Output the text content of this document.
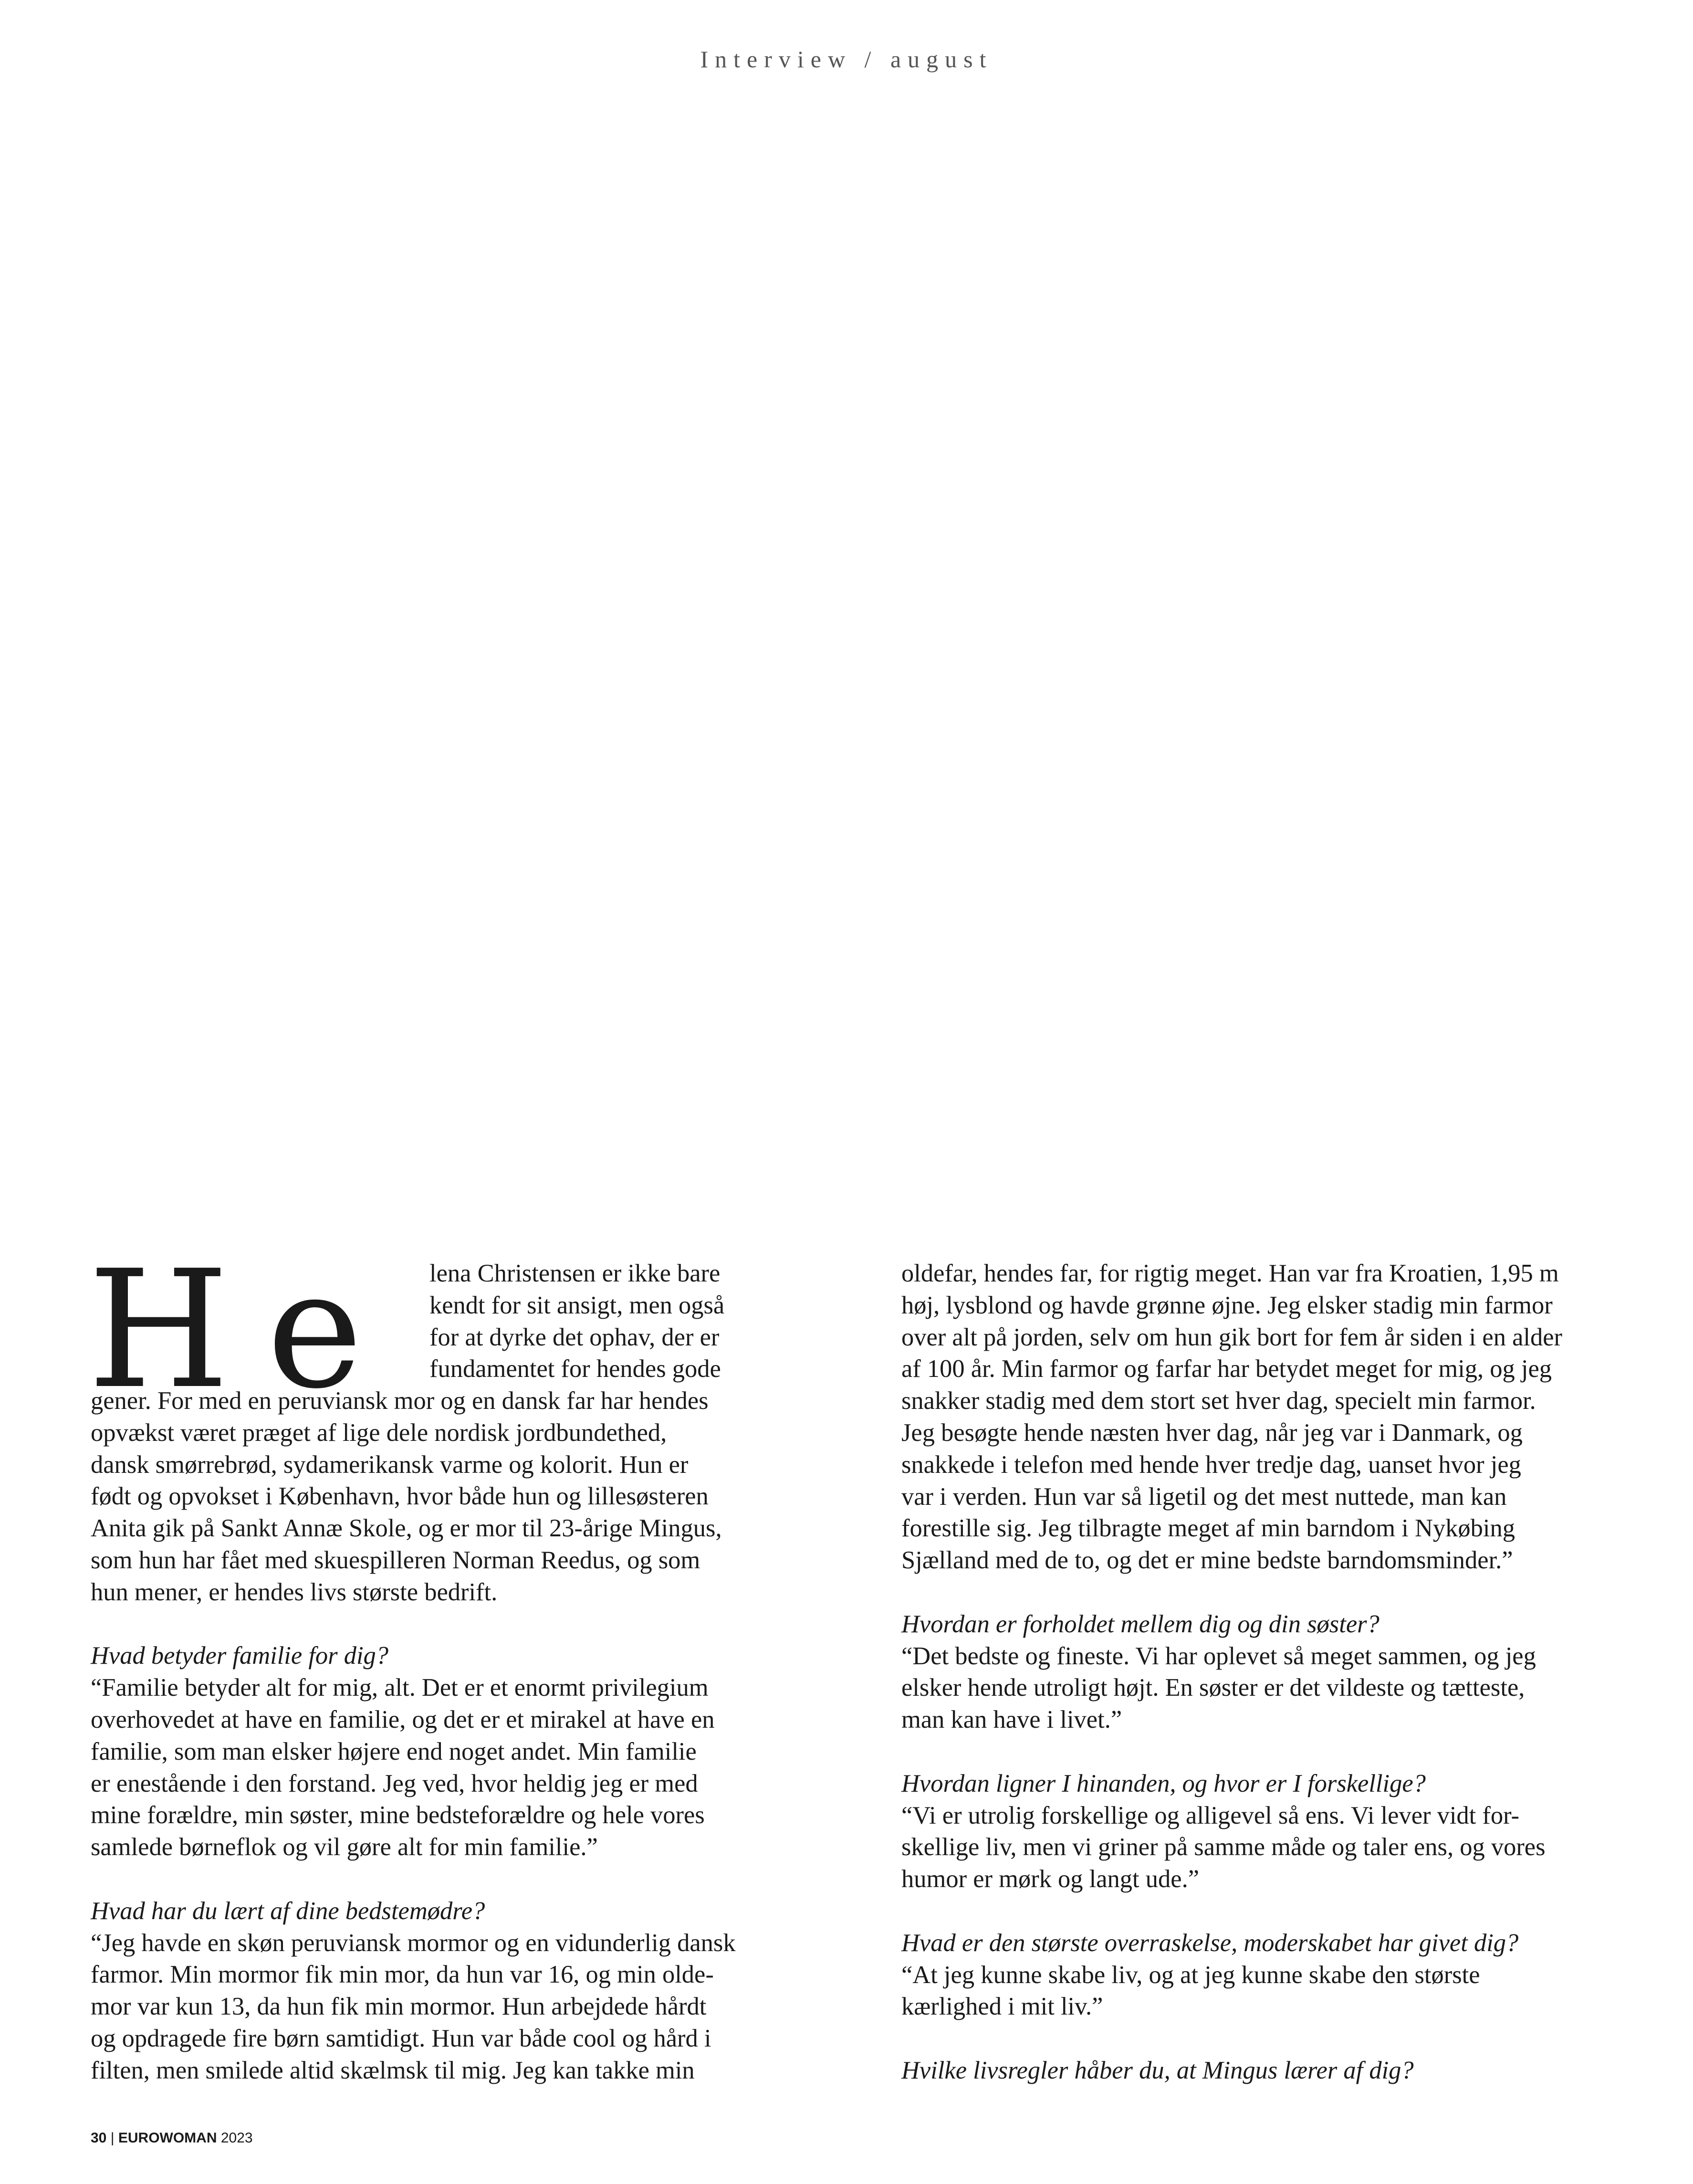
Interview / august
H e	lena Christensen er ikke bare

kendt for sit ansigt, men også

for at dyrke det ophav, der er

fundamentet for hendes gode

gener. For med en peruviansk mor og en dansk far har hendes

opvækst været præget af lige dele nordisk jordbundethed,

dansk smørrebrød, sydamerikansk varme og kolorit. Hun er

født og opvokset i København, hvor både hun og lillesøsteren

Anita gik på Sankt Annæ Skole, og er mor til 23-årige Mingus,

som hun har fået med skuespilleren Norman Reedus, og som

hun mener, er hendes livs største bedrift.

Hvad betyder familie for dig?

“Familie betyder alt for mig, alt. Det er et enormt privilegium

overhovedet at have en familie, og det er et mirakel at have en

familie, som man elsker højere end noget andet. Min familie

er enestående i den forstand. Jeg ved, hvor heldig jeg er med

mine forældre, min søster, mine bedsteforældre og hele vores

samlede børneflok og vil gøre alt for min familie.”

Hvad har du lært af dine bedstemødre?

“Jeg havde en skøn peruviansk mormor og en vidunderlig dansk

farmor. Min mormor fik min mor, da hun var 16, og min olde-

mor var kun 13, da hun fik min mormor. Hun arbejdede hårdt

og opdragede fire børn samtidigt. Hun var både cool og hård i

filten, men smilede altid skælmsk til mig. Jeg kan takke min

oldefar, hendes far, for rigtig meget. Han var fra Kroatien, 1,95 m

høj, lysblond og havde grønne øjne. Jeg elsker stadig min farmor

over alt på jorden, selv om hun gik bort for fem år siden i en alder

af 100 år. Min farmor og farfar har betydet meget for mig, og jeg

snakker stadig med dem stort set hver dag, specielt min farmor.

Jeg besøgte hende næsten hver dag, når jeg var i Danmark, og

snakkede i telefon med hende hver tredje dag, uanset hvor jeg

var i verden. Hun var så ligetil og det mest nuttede, man kan

forestille sig. Jeg tilbragte meget af min barndom i Nykøbing

Sjælland med de to, og det er mine bedste barndomsminder.”

Hvordan er forholdet mellem dig og din søster?

“Det bedste og fineste. Vi har oplevet så meget sammen, og jeg

elsker hende utroligt højt. En søster er det vildeste og tætteste,

man kan have i livet.”

Hvordan ligner I hinanden, og hvor er I forskellige?

“Vi er utrolig forskellige og alligevel så ens. Vi lever vidt for-

skellige liv, men vi griner på samme måde og taler ens, og vores

humor er mørk og langt ude.”

Hvad er den største overraskelse, moderskabet har givet dig?

“At jeg kunne skabe liv, og at jeg kunne skabe den største

kærlighed i mit liv.”

Hvilke livsregler håber du, at Mingus lærer af dig?

30 | EUROWOMAN 2023
